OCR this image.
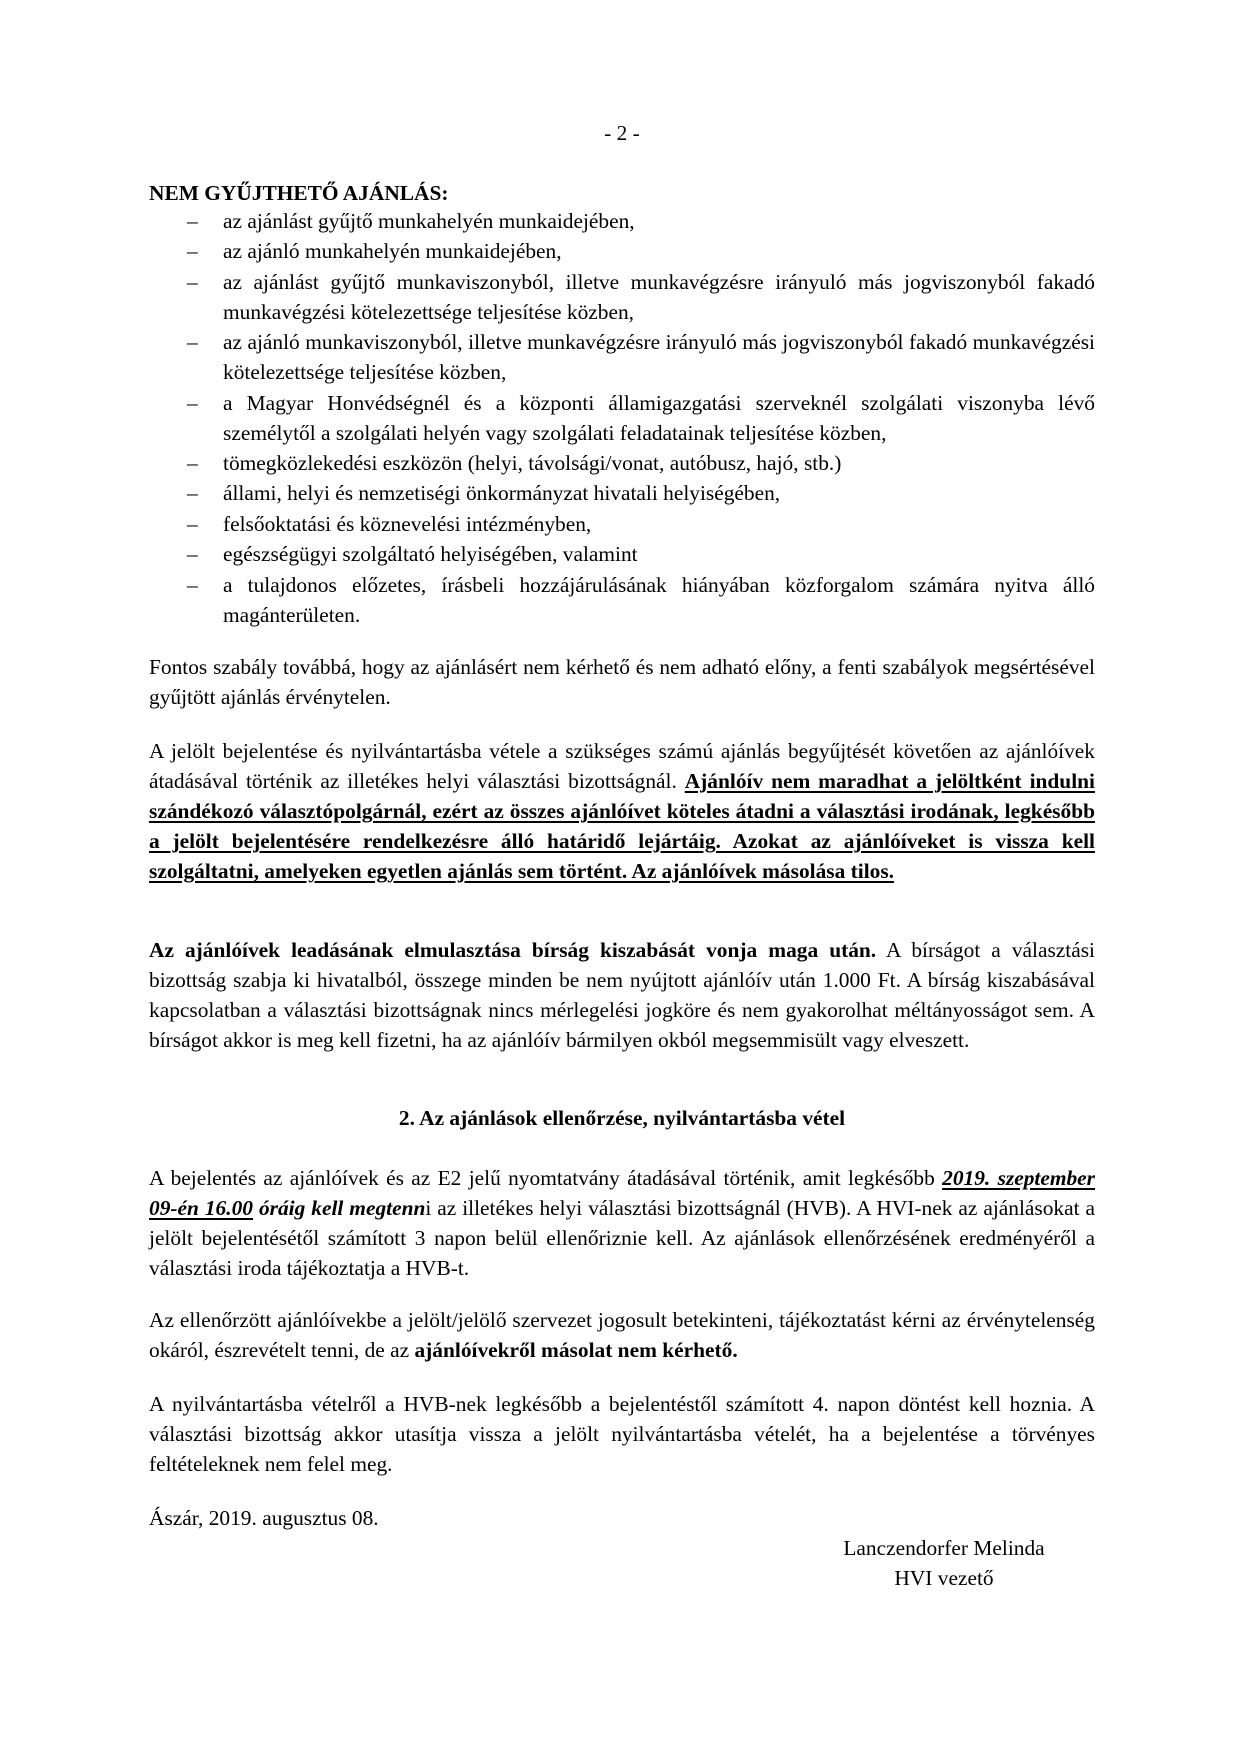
- 2 -
NEM GYŰJTHETŐ AJÁNLÁS:
– az ajánlást gyűjtő munkahelyén munkaidejében,
– az ajánló munkahelyén munkaidejében,
– az ajánlást gyűjtő munkaviszonyból, illetve munkavégzésre irányuló más jogviszonyból fakadó munkavégzési kötelezettsége teljesítése közben,
– az ajánló munkaviszonyból, illetve munkavégzésre irányuló más jogviszonyból fakadó munkavégzési kötelezettsége teljesítése közben,
– a Magyar Honvédségnél és a központi államigazgatási szerveknél szolgálati viszonyba lévő személytől a szolgálati helyén vagy szolgálati feladatainak teljesítése közben,
– tömegközlekedési eszközön (helyi, távolsági/vonat, autóbusz, hajó, stb.)
– állami, helyi és nemzetiségi önkormányzat hivatali helyiségében,
– felsőoktatási és köznevelési intézményben,
– egészségügyi szolgáltató helyiségében, valamint
– a tulajdonos előzetes, írásbeli hozzájárulásának hiányában közforgalom számára nyitva álló magánterületen.

Fontos szabály továbbá, hogy az ajánlásért nem kérhető és nem adható előny, a fenti szabályok megsértésével gyűjtött ajánlás érvénytelen.

A jelölt bejelentése és nyilvántartásba vétele a szükséges számú ajánlás begyűjtését követően az ajánlóívek átadásával történik az illetékes helyi választási bizottságnál. Ajánlóív nem maradhat a jelöltként indulni szándékozó választópolgárnál, ezért az összes ajánlóívet köteles átadni a választási irodának, legkésőbb a jelölt bejelentésére rendelkezésre álló határidő lejártáig. Azokat az ajánlóíveket is vissza kell szolgáltatni, amelyeken egyetlen ajánlás sem történt. Az ajánlóívek másolása tilos.

Az ajánlóívek leadásának elmulasztása bírság kiszabását vonja maga után. A bírságot a választási bizottság szabja ki hivatalból, összege minden be nem nyújtott ajánlóív után 1.000 Ft. A bírság kiszabásával kapcsolatban a választási bizottságnak nincs mérlegelési jogköre és nem gyakorolhat méltányosságot sem. A bírságot akkor is meg kell fizetni, ha az ajánlóív bármilyen okból megsemmisült vagy elveszett.

2. Az ajánlások ellenőrzése, nyilvántartásba vétel

A bejelentés az ajánlóívek és az E2 jelű nyomtatvány átadásával történik, amit legkésőbb 2019. szeptember 09-én 16.00 óráig kell megtenni az illetékes helyi választási bizottságnál (HVB). A HVI-nek az ajánlásokat a jelölt bejelentésétől számított 3 napon belül ellenőriznie kell. Az ajánlások ellenőrzésének eredményéről a választási iroda tájékoztatja a HVB-t.

Az ellenőrzött ajánlóívekbe a jelölt/jelölő szervezet jogosult betekinteni, tájékoztatást kérni az érvénytelenség okáról, észrevételt tenni, de az ajánlóívekről másolat nem kérhető.

A nyilvántartásba vételről a HVB-nek legkésőbb a bejelentéstől számított 4. napon döntést kell hoznia. A választási bizottság akkor utasítja vissza a jelölt nyilvántartásba vételét, ha a bejelentése a törvényes feltételeknek nem felel meg.

Ászár, 2019. augusztus 08.
Lanczendorfer Melinda
HVI vezető
